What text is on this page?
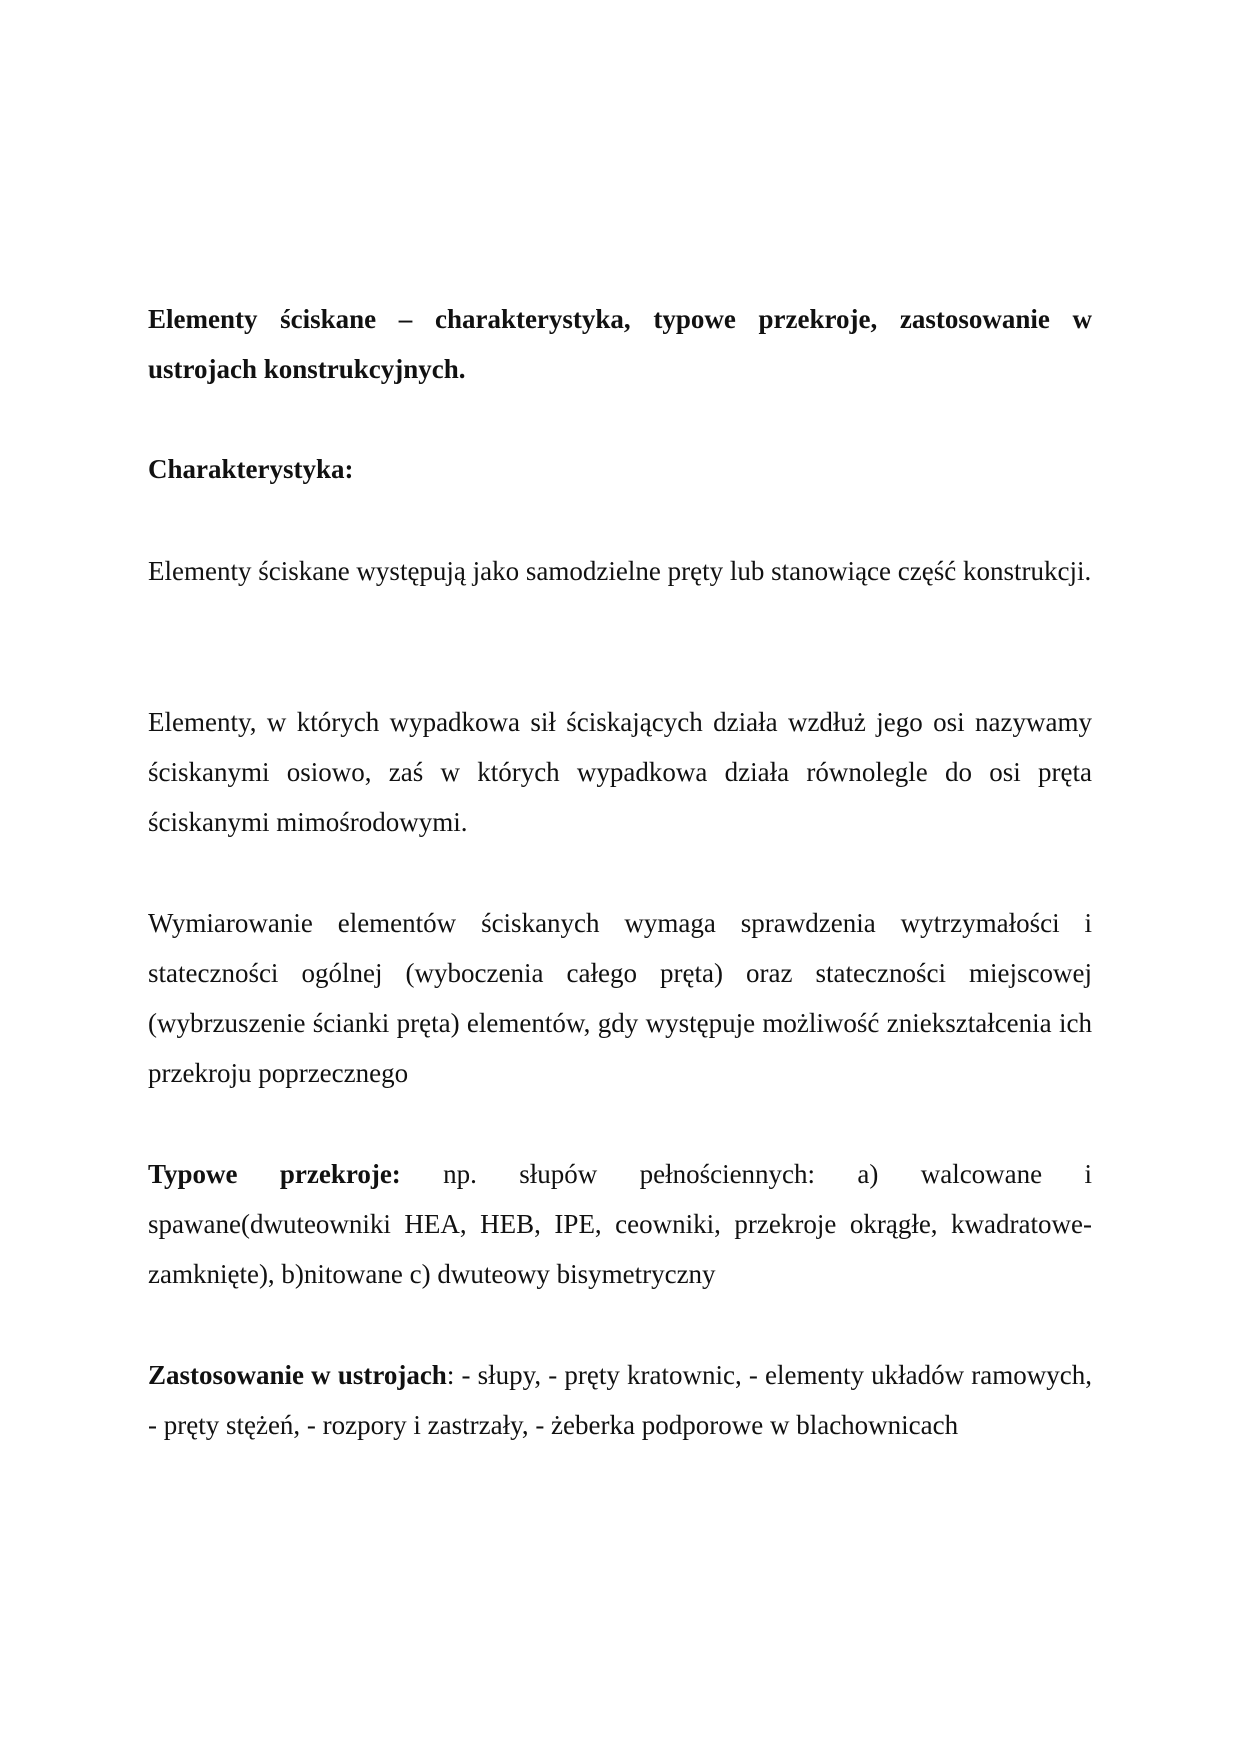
Elementy ściskane – charakterystyka, typowe przekroje, zastosowanie w ustrojach konstrukcyjnych.

Charakterystyka:

Elementy ściskane występują jako samodzielne pręty lub stanowiące część konstrukcji.

Elementy, w których wypadkowa sił ściskających działa wzdłuż jego osi nazywamy ściskanymi osiowo, zaś w których wypadkowa działa równolegle do osi pręta ściskanymi mimośrodowymi.

Wymiarowanie elementów ściskanych wymaga sprawdzenia wytrzymałości i stateczności ogólnej (wyboczenia całego pręta) oraz stateczności miejscowej (wybrzuszenie ścianki pręta) elementów, gdy występuje możliwość zniekształcenia ich przekroju poprzecznego

Typowe przekroje: np. słupów pełnościennych: a) walcowane i spawane(dwuteowniki HEA, HEB, IPE, ceowniki, przekroje okrągłe, kwadratowe-zamknięte), b)nitowane c) dwuteowy bisymetryczny

Zastosowanie w ustrojach: - słupy, - pręty kratownic, - elementy układów ramowych, - pręty stężeń, - rozpory i zastrzały, - żeberka podporowe w blachownicach
